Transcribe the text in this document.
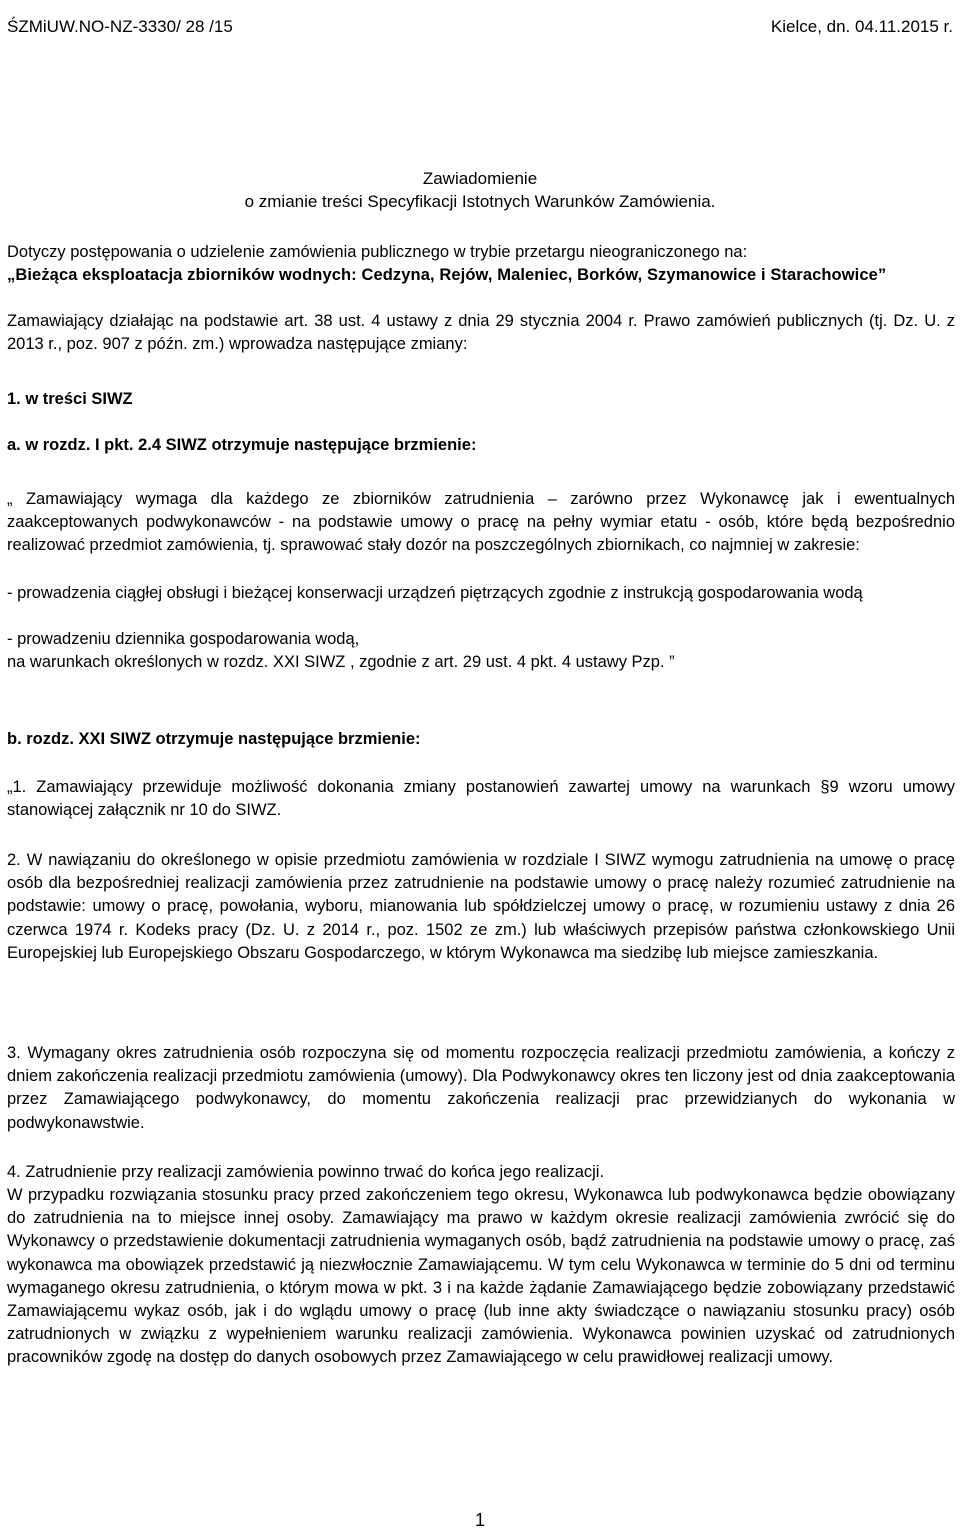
ŚZMiUW.NO-NZ-3330/ 28 /15	Kielce, dn. 04.11.2015 r.
Zawiadomienie
o zmianie treści Specyfikacji Istotnych Warunków Zamówienia.

Dotyczy postępowania o udzielenie zamówienia publicznego w trybie przetargu nieograniczonego na:

„Bieżąca eksploatacja zbiorników wodnych: Cedzyna, Rejów, Maleniec, Borków, Szymanowice i Starachowice”

Zamawiający działając na podstawie art. 38 ust. 4 ustawy z dnia 29 stycznia 2004 r. Prawo zamówień publicznych (tj. Dz. U. z 2013 r., poz. 907 z późn. zm.) wprowadza następujące zmiany:

1. w treści SIWZ
a. w rozdz. I pkt. 2.4 SIWZ otrzymuje następujące brzmienie:

„ Zamawiający wymaga dla każdego ze zbiorników zatrudnienia – zarówno przez Wykonawcę jak i ewentualnych zaakceptowanych podwykonawców - na podstawie umowy o pracę na pełny wymiar etatu - osób, które będą bezpośrednio realizować przedmiot zamówienia, tj. sprawować stały dozór na poszczególnych zbiornikach, co najmniej w zakresie:

- prowadzenia ciągłej obsługi i bieżącej konserwacji urządzeń piętrzących zgodnie z instrukcją gospodarowania wodą

- prowadzeniu dziennika gospodarowania wodą,

na warunkach określonych w rozdz. XXI SIWZ , zgodnie z art. 29 ust. 4 pkt. 4 ustawy Pzp. ”

b. rozdz. XXI SIWZ otrzymuje następujące brzmienie:

„1. Zamawiający przewiduje możliwość dokonania zmiany postanowień zawartej umowy na warunkach §9 wzoru umowy stanowiącej załącznik nr 10 do SIWZ.

2. W nawiązaniu do określonego w opisie przedmiotu zamówienia w rozdziale I SIWZ wymogu zatrudnienia na umowę o pracę osób dla bezpośredniej realizacji zamówienia przez zatrudnienie na podstawie umowy o pracę należy rozumieć zatrudnienie na podstawie: umowy o pracę, powołania, wyboru, mianowania lub spółdzielczej umowy o pracę, w rozumieniu ustawy z dnia 26 czerwca 1974 r. Kodeks pracy (Dz. U. z 2014 r., poz. 1502 ze zm.) lub właściwych przepisów państwa członkowskiego Unii Europejskiej lub Europejskiego Obszaru Gospodarczego, w którym Wykonawca ma siedzibę lub miejsce zamieszkania.

3. Wymagany okres zatrudnienia osób rozpoczyna się od momentu rozpoczęcia realizacji przedmiotu zamówienia, a kończy z dniem zakończenia realizacji przedmiotu zamówienia (umowy). Dla Podwykonawcy okres ten liczony jest od dnia zaakceptowania przez Zamawiającego podwykonawcy, do momentu zakończenia realizacji prac przewidzianych do wykonania w podwykonawstwie.

4. Zatrudnienie przy realizacji zamówienia powinno trwać do końca jego realizacji.

W przypadku rozwiązania stosunku pracy przed zakończeniem tego okresu, Wykonawca lub podwykonawca będzie obowiązany do zatrudnienia na to miejsce innej osoby. Zamawiający ma prawo w każdym okresie realizacji zamówienia zwrócić się do Wykonawcy o przedstawienie dokumentacji zatrudnienia wymaganych osób, bądź zatrudnienia na podstawie umowy o pracę, zaś wykonawca ma obowiązek przedstawić ją niezwłocznie Zamawiającemu. W tym celu Wykonawca w terminie do 5 dni od terminu wymaganego okresu zatrudnienia, o którym mowa w pkt. 3 i na każde żądanie Zamawiającego będzie zobowiązany przedstawić Zamawiającemu wykaz osób, jak i do wglądu umowy o pracę (lub inne akty świadczące o nawiązaniu stosunku pracy) osób zatrudnionych w związku z wypełnieniem warunku realizacji zamówienia. Wykonawca powinien uzyskać od zatrudnionych pracowników zgodę na dostęp do danych osobowych przez Zamawiającego w celu prawidłowej realizacji umowy.

1
